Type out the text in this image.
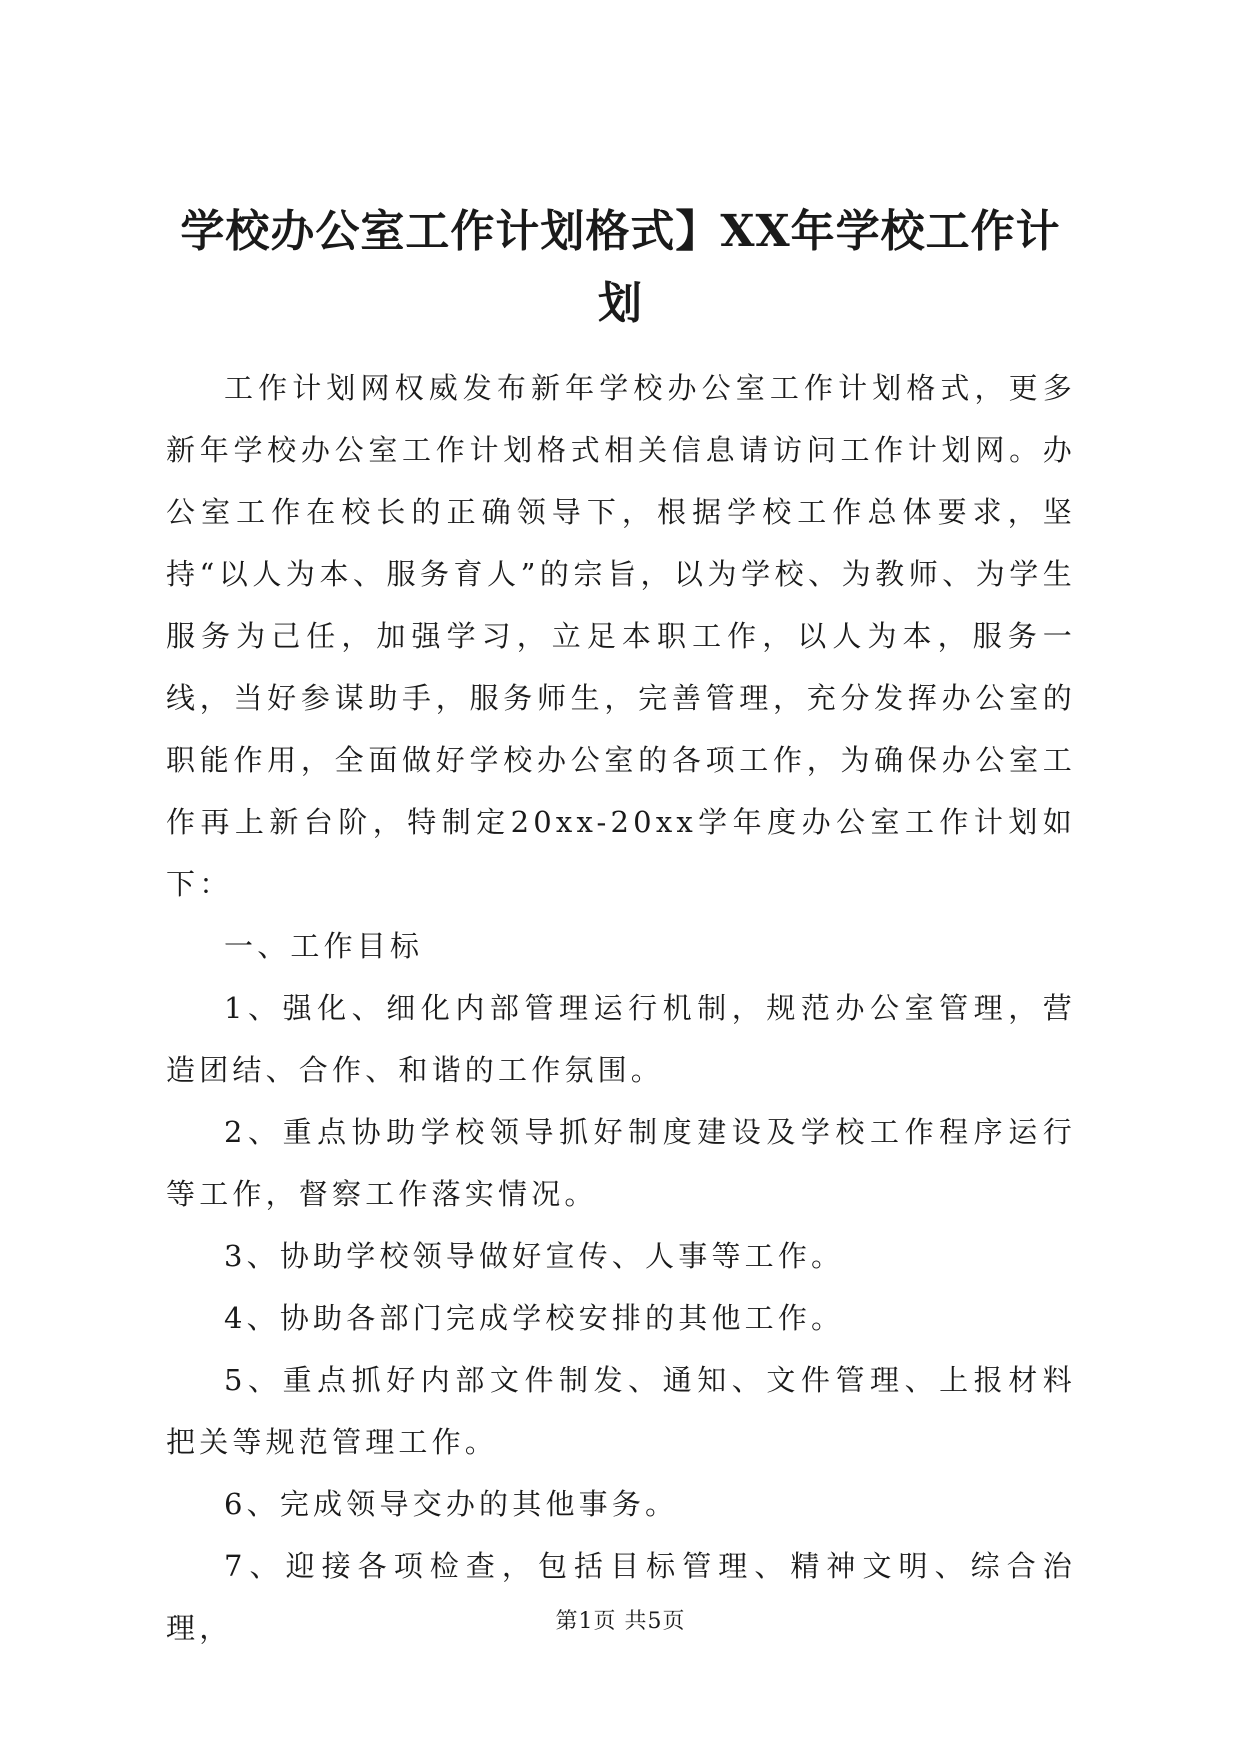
学校办公室工作计划格式】XX年学校工作计划

工作计划网权威发布新年学校办公室工作计划格式，更多新年学校办公室工作计划格式相关信息请访问工作计划网。办公室工作在校长的正确领导下，根据学校工作总体要求，坚持“以人为本、服务育人”的宗旨，以为学校、为教师、为学生服务为己任，加强学习，立足本职工作，以人为本，服务一线，当好参谋助手，服务师生，完善管理，充分发挥办公室的职能作用，全面做好学校办公室的各项工作，为确保办公室工作再上新台阶，特制定20xx-20xx学年度办公室工作计划如下：

一、工作目标

1、强化、细化内部管理运行机制，规范办公室管理，营造团结、合作、和谐的工作氛围。

2、重点协助学校领导抓好制度建设及学校工作程序运行等工作，督察工作落实情况。

3、协助学校领导做好宣传、人事等工作。

4、协助各部门完成学校安排的其他工作。

5、重点抓好内部文件制发、通知、文件管理、上报材料把关等规范管理工作。

6、完成领导交办的其他事务。

7、迎接各项检查，包括目标管理、精神文明、综合治理，	第1页 共5页
